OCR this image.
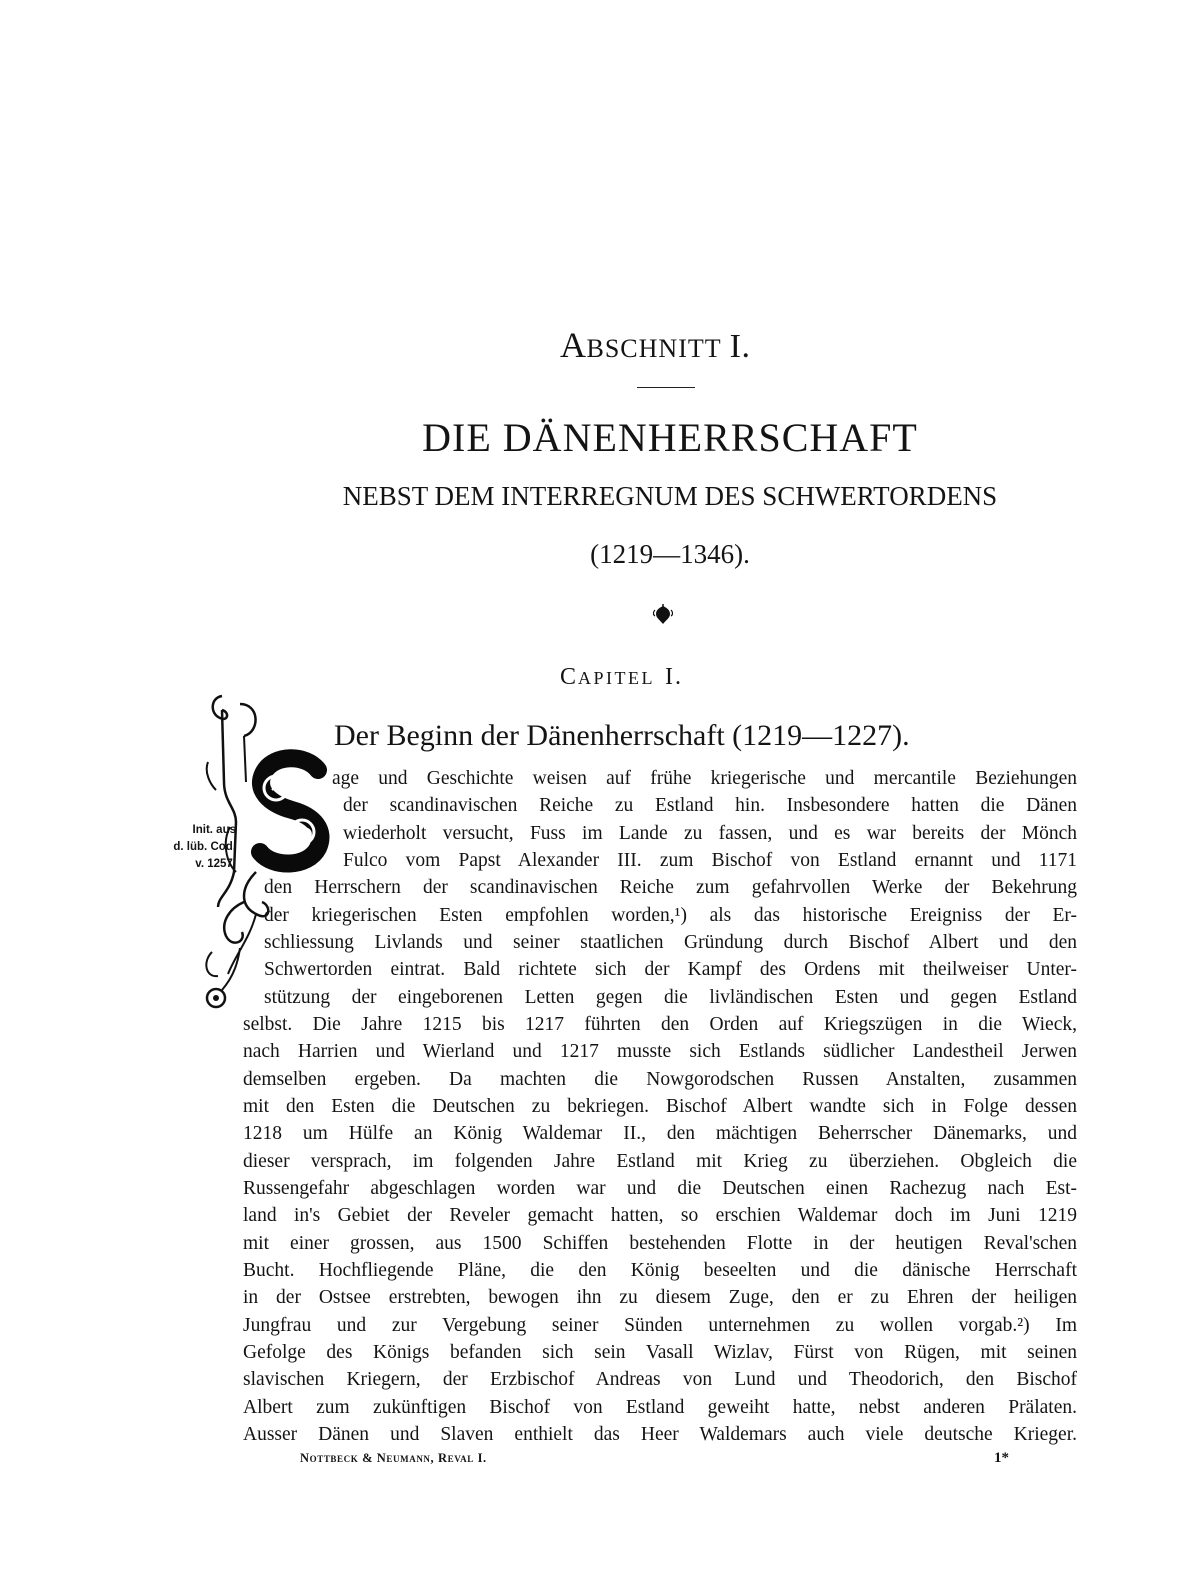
ABSCHNITT I.
DIE DÄNENHERRSCHAFT
NEBST DEM INTERREGNUM DES SCHWERTORDENS
(1219—1346).
CAPITEL I.
Der Beginn der Dänenherrschaft (1219—1227).
Init. aus
d. lüb. Cod.
v. 1257.
age und Geschichte weisen auf frühe kriegerische und mercantile Beziehungen
der scandinavischen Reiche zu Estland hin. Insbesondere hatten die Dänen
wiederholt versucht, Fuss im Lande zu fassen, und es war bereits der Mönch
Fulco vom Papst Alexander III. zum Bischof von Estland ernannt und 1171
den Herrschern der scandinavischen Reiche zum gefahrvollen Werke der Bekehrung
der kriegerischen Esten empfohlen worden,¹) als das historische Ereigniss der Er-
schliessung Livlands und seiner staatlichen Gründung durch Bischof Albert und den
Schwertorden eintrat. Bald richtete sich der Kampf des Ordens mit theilweiser Unter-
stützung der eingeborenen Letten gegen die livländischen Esten und gegen Estland
selbst. Die Jahre 1215 bis 1217 führten den Orden auf Kriegszügen in die Wieck,
nach Harrien und Wierland und 1217 musste sich Estlands südlicher Landestheil Jerwen
demselben ergeben. Da machten die Nowgorodschen Russen Anstalten, zusammen
mit den Esten die Deutschen zu bekriegen. Bischof Albert wandte sich in Folge dessen
1218 um Hülfe an König Waldemar II., den mächtigen Beherrscher Dänemarks, und
dieser versprach, im folgenden Jahre Estland mit Krieg zu überziehen. Obgleich die
Russengefahr abgeschlagen worden war und die Deutschen einen Rachezug nach Est-
land in's Gebiet der Reveler gemacht hatten, so erschien Waldemar doch im Juni 1219
mit einer grossen, aus 1500 Schiffen bestehenden Flotte in der heutigen Reval'schen
Bucht. Hochfliegende Pläne, die den König beseelten und die dänische Herrschaft
in der Ostsee erstrebten, bewogen ihn zu diesem Zuge, den er zu Ehren der heiligen
Jungfrau und zur Vergebung seiner Sünden unternehmen zu wollen vorgab.²) Im
Gefolge des Königs befanden sich sein Vasall Wizlav, Fürst von Rügen, mit seinen
slavischen Kriegern, der Erzbischof Andreas von Lund und Theodorich, den Bischof
Albert zum zukünftigen Bischof von Estland geweiht hatte, nebst anderen Prälaten.
Ausser Dänen und Slaven enthielt das Heer Waldemars auch viele deutsche Krieger.
Nottbeck & Neumann, Reval I.	1*
